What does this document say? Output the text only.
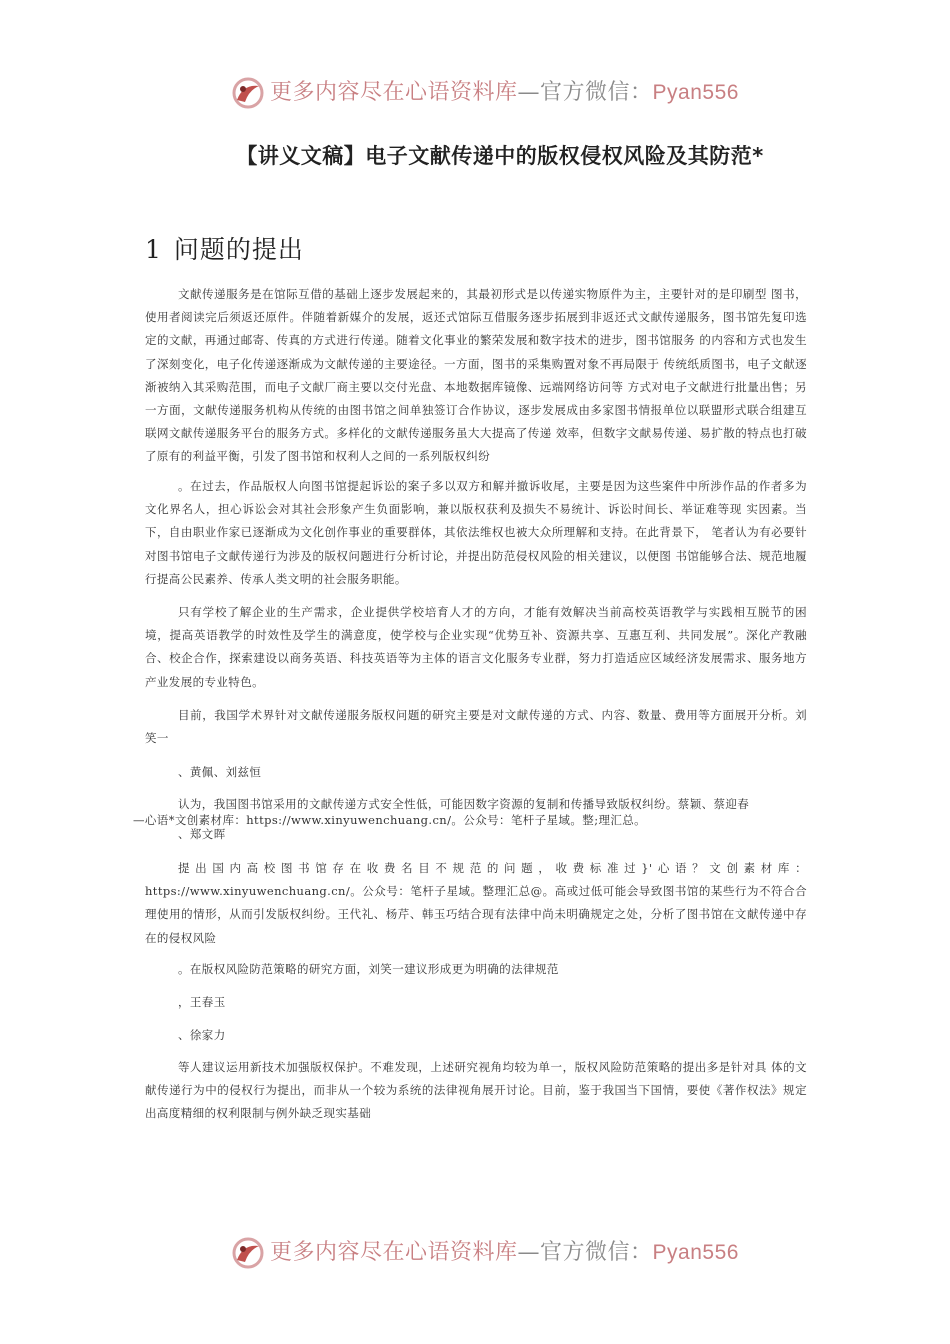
更多内容尽在心语资料库—官方微信：Pyan556
【讲义文稿】电子文献传递中的版权侵权风险及其防范*
1 问题的提出

文献传递服务是在馆际互借的基础上逐步发展起来的，其最初形式是以传递实物原件为主，主要针对的是印刷型 图书，使用者阅读完后须返还原件。伴随着新媒介的发展，返还式馆际互借服务逐步拓展到非返还式文献传递服务，图书馆先复印选定的文献，再通过邮寄、传真的方式进行传递。随着文化事业的繁荣发展和数字技术的进步，图书馆服务 的内容和方式也发生了深刻变化，电子化传递逐渐成为文献传递的主要途径。一方面，图书的采集购置对象不再局限于 传统纸质图书，电子文献逐渐被纳入其采购范围，而电子文献厂商主要以交付光盘、本地数据库镜像、远端网络访问等 方式对电子文献进行批量出售；另一方面，文献传递服务机构从传统的由图书馆之间单独签订合作协议，逐步发展成由多家图书情报单位以联盟形式联合组建互联网文献传递服务平台的服务方式。多样化的文献传递服务虽大大提高了传递 效率，但数字文献易传递、易扩散的特点也打破了原有的利益平衡，引发了图书馆和权利人之间的一系列版权纠纷

。在过去，作品版权人向图书馆提起诉讼的案子多以双方和解并撤诉收尾，主要是因为这些案件中所涉作品的作者多为文化界名人，担心诉讼会对其社会形象产生负面影响，兼以版权获利及损失不易统计、诉讼时间长、举证难等现 实因素。当下，自由职业作家已逐渐成为文化创作事业的重要群体，其依法维权也被大众所理解和支持。在此背景下， 笔者认为有必要针对图书馆电子文献传递行为涉及的版权问题进行分析讨论，并提出防范侵权风险的相关建议，以便图 书馆能够合法、规范地履行提高公民素养、传承人类文明的社会服务职能。

只有学校了解企业的生产需求，企业提供学校培育人才的方向，才能有效解决当前高校英语教学与实践相互脱节的困境，提高英语教学的时效性及学生的满意度，使学校与企业实现“优势互补、资源共享、互惠互利、共同发展”。深化产教融合、校企合作，探索建设以商务英语、科技英语等为主体的语言文化服务专业群，努力打造适应区域经济发展需求、服务地方产业发展的专业特色。

目前，我国学术界针对文献传递服务版权问题的研究主要是对文献传递的方式、内容、数量、费用等方面展开分析。刘笑一

、黄佩、刘兹恒

认为，我国图书馆采用的文献传递方式安全性低，可能因数字资源的复制和传播导致版权纠纷。蔡颖、蔡迎春

—心语*文创素材库：https://www.xinyuwenchuang.cn/。公众号：笔杆子星域。整;理汇总。

、郑文晖

提出国内高校图书馆存在收费名目不规范的问题，收费标准过}'心语？文创素材库：https://www.xinyuwenchuang.cn/。公众号：笔杆子星域。整理汇总@。高或过低可能会导致图书馆的某些行为不符合合理使用的情形，从而引发版权纠纷。王代礼、杨芹、韩玉巧结合现有法律中尚未明确规定之处，分析了图书馆在文献传递中存在的侵权风险

。在版权风险防范策略的研究方面，刘笑一建议形成更为明确的法律规范

，王春玉

、徐家力

等人建议运用新技术加强版权保护。不难发现，上述研究视角均较为单一，版权风险防范策略的提出多是针对具 体的文献传递行为中的侵权行为提出，而非从一个较为系统的法律视角展开讨论。目前，鉴于我国当下国情，要使《著作权法》规定出高度精细的权利限制与例外缺乏现实基础

更多内容尽在心语资料库—官方微信：Pyan556
